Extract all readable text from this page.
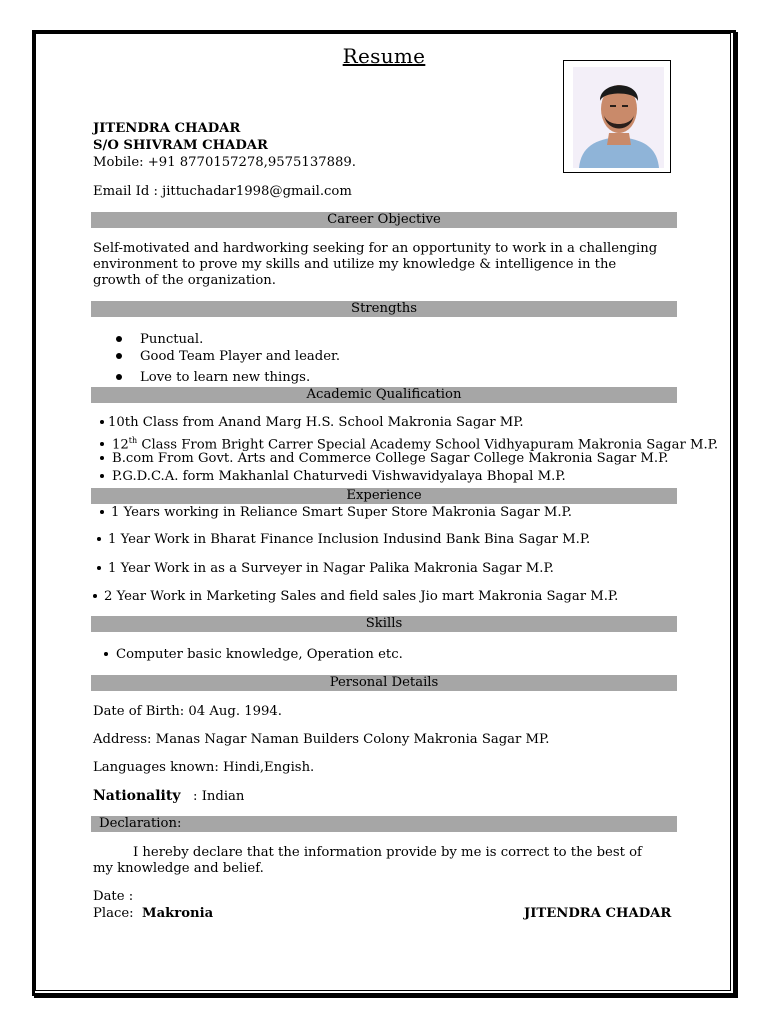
Resume
JITENDRA CHADAR
S/O SHIVRAM CHADAR
Mobile: +91 8770157278,9575137889.
Email Id : jittuchadar1998@gmail.com
Career Objective
Self-motivated and hardworking seeking for an opportunity to work in a challenging environment to prove my skills and utilize my knowledge & intelligence in the growth of the organization.
Strengths
Punctual.
Good Team Player and leader.
Love to learn new things.
Academic Qualification
10th Class from Anand Marg H.S. School Makronia Sagar MP.
12th Class From Bright Carrer Special Academy School Vidhyapuram Makronia Sagar M.P.
B.com From Govt. Arts and Commerce College Sagar College Makronia Sagar M.P.
P.G.D.C.A. form Makhanlal Chaturvedi Vishwavidyalaya Bhopal M.P.
Experience
1 Years working in Reliance Smart Super Store Makronia Sagar M.P.
1 Year Work in Bharat Finance Inclusion Indusind Bank Bina Sagar M.P.
1 Year Work in as a Surveyer in Nagar Palika Makronia Sagar M.P.
2 Year Work in Marketing Sales and field sales Jio mart Makronia Sagar M.P.
Skills
Computer basic knowledge, Operation etc.
Personal Details
Date of Birth: 04 Aug. 1994.
Address: Manas Nagar Naman Builders Colony Makronia Sagar MP.
Languages known: Hindi,Engish.
Nationality   : Indian
Declaration:
I hereby declare that the information provide by me is correct to the best of my knowledge and belief.
Date :
Place:  Makronia	JITENDRA CHADAR
